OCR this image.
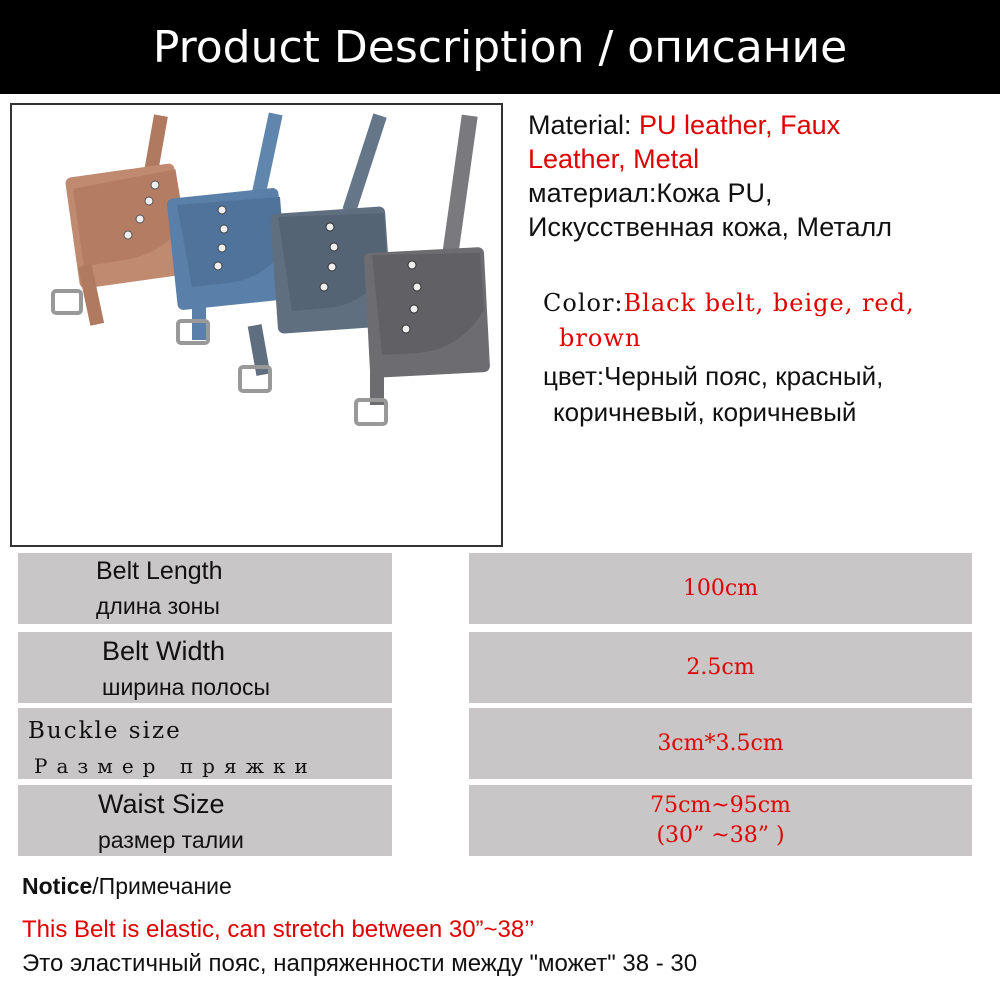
Product Description / описание
Material: PU leather, Faux
Leather, Metal
материал:Кожа PU,
Искусственная кожа, Металл
Color:Black belt, beige, red,
brown
цвет:Черный пояс, красный,
коричневый, коричневый
Belt Length
длина зоны
100cm
Belt Width
ширина полосы
2.5cm
Buckle size
Размер пряжки
3cm*3.5cm
Waist Size
размер талии
75cm~95cm
(30” ~38” )
Notice/Примечание
This Belt is elastic, can stretch between 30”~38’’
Это эластичный пояс, напряженности между "может" 38 - 30
